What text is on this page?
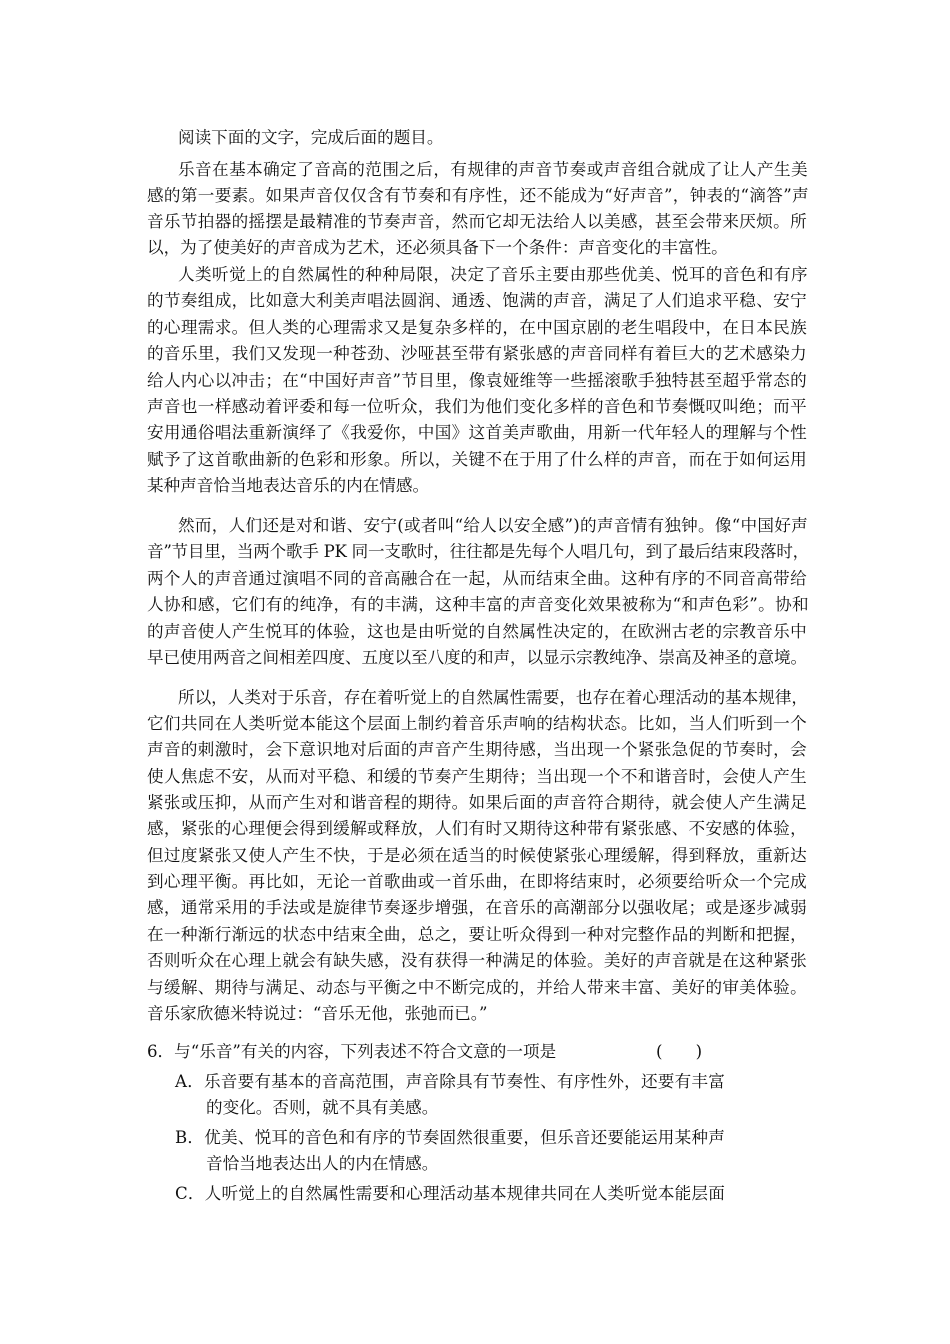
阅读下面的文字，完成后面的题目。
乐音在基本确定了音高的范围之后，有规律的声音节奏或声音组合就成了让人产生美
感的第一要素。如果声音仅仅含有节奏和有序性，还不能成为“好声音”，钟表的“滴答”声
音乐节拍器的摇摆是最精准的节奏声音，然而它却无法给人以美感，甚至会带来厌烦。所
以，为了使美好的声音成为艺术，还必须具备下一个条件：声音变化的丰富性。
人类听觉上的自然属性的种种局限，决定了音乐主要由那些优美、悦耳的音色和有序
的节奏组成，比如意大利美声唱法圆润、通透、饱满的声音，满足了人们追求平稳、安宁
的心理需求。但人类的心理需求又是复杂多样的，在中国京剧的老生唱段中，在日本民族
的音乐里，我们又发现一种苍劲、沙哑甚至带有紧张感的声音同样有着巨大的艺术感染力
给人内心以冲击；在“中国好声音”节目里，像袁娅维等一些摇滚歌手独特甚至超乎常态的
声音也一样感动着评委和每一位听众，我们为他们变化多样的音色和节奏慨叹叫绝；而平
安用通俗唱法重新演绎了《我爱你，中国》这首美声歌曲，用新一代年轻人的理解与个性
赋予了这首歌曲新的色彩和形象。所以，关键不在于用了什么样的声音，而在于如何运用
某种声音恰当地表达音乐的内在情感。
然而，人们还是对和谐、安宁(或者叫“给人以安全感”)的声音情有独钟。像“中国好声
音”节目里，当两个歌手 PK 同一支歌时，往往都是先每个人唱几句，到了最后结束段落时，
两个人的声音通过演唱不同的音高融合在一起，从而结束全曲。这种有序的不同音高带给
人协和感，它们有的纯净，有的丰满，这种丰富的声音变化效果被称为“和声色彩”。协和
的声音使人产生悦耳的体验，这也是由听觉的自然属性决定的，在欧洲古老的宗教音乐中
早已使用两音之间相差四度、五度以至八度的和声，以显示宗教纯净、崇高及神圣的意境。
所以，人类对于乐音，存在着听觉上的自然属性需要，也存在着心理活动的基本规律，
它们共同在人类听觉本能这个层面上制约着音乐声响的结构状态。比如，当人们听到一个
声音的刺激时，会下意识地对后面的声音产生期待感，当出现一个紧张急促的节奏时，会
使人焦虑不安，从而对平稳、和缓的节奏产生期待；当出现一个不和谐音时，会使人产生
紧张或压抑，从而产生对和谐音程的期待。如果后面的声音符合期待，就会使人产生满足
感，紧张的心理便会得到缓解或释放，人们有时又期待这种带有紧张感、不安感的体验，
但过度紧张又使人产生不快，于是必须在适当的时候使紧张心理缓解，得到释放，重新达
到心理平衡。再比如，无论一首歌曲或一首乐曲，在即将结束时，必须要给听众一个完成
感，通常采用的手法或是旋律节奏逐步增强，在音乐的高潮部分以强收尾；或是逐步减弱
在一种渐行渐远的状态中结束全曲，总之，要让听众得到一种对完整作品的判断和把握，
否则听众在心理上就会有缺失感，没有获得一种满足的体验。美好的声音就是在这种紧张
与缓解、期待与满足、动态与平衡之中不断完成的，并给人带来丰富、美好的审美体验。
音乐家欣德米特说过：“音乐无他，张弛而已。”
6．与“乐音”有关的内容，下列表述不符合文意的一项是	(　　)
A．乐音要有基本的音高范围，声音除具有节奏性、有序性外，还要有丰富
的变化。否则，就不具有美感。
B．优美、悦耳的音色和有序的节奏固然很重要，但乐音还要能运用某种声
音恰当地表达出人的内在情感。
C．人听觉上的自然属性需要和心理活动基本规律共同在人类听觉本能层面
